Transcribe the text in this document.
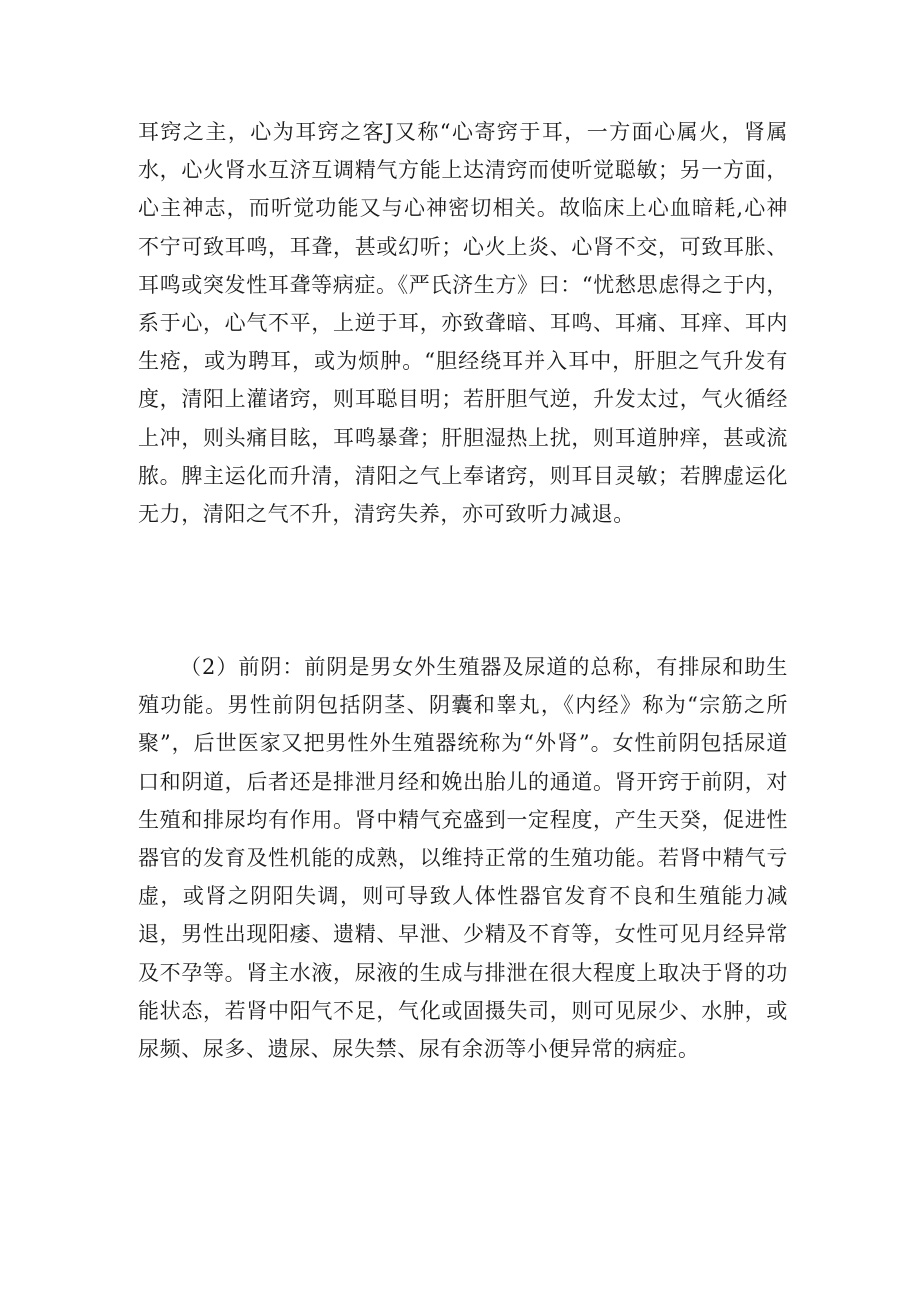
耳窍之主，心为耳窍之客J又称“心寄窍于耳，一方面心属火，肾属水，心火肾水互济互调精气方能上达清窍而使听觉聪敏；另一方面，心主神志，而听觉功能又与心神密切相关。故临床上心血暗耗,心神不宁可致耳鸣，耳聋，甚或幻听；心火上炎、心肾不交，可致耳胀、耳鸣或突发性耳聋等病症。《严氏济生方》曰：“忧愁思虑得之于内，系于心，心气不平，上逆于耳，亦致聋暗、耳鸣、耳痛、耳痒、耳内生疮，或为聘耳，或为烦肿。“胆经绕耳并入耳中，肝胆之气升发有度，清阳上灌诸窍，则耳聪目明；若肝胆气逆，升发太过，气火循经上冲，则头痛目眩，耳鸣暴聋；肝胆湿热上扰，则耳道肿痒，甚或流脓。脾主运化而升清，清阳之气上奉诸窍，则耳目灵敏；若脾虚运化无力，清阳之气不升，清窍失养，亦可致听力减退。

（2）前阴：前阴是男女外生殖器及尿道的总称，有排尿和助生殖功能。男性前阴包括阴茎、阴囊和睾丸，《内经》称为“宗筋之所聚”，后世医家又把男性外生殖器统称为“外肾”。女性前阴包括尿道口和阴道，后者还是排泄月经和娩出胎儿的通道。肾开窍于前阴，对生殖和排尿均有作用。肾中精气充盛到一定程度，产生天癸，促进性器官的发育及性机能的成熟，以维持正常的生殖功能。若肾中精气亏虚，或肾之阴阳失调，则可导致人体性器官发育不良和生殖能力减退，男性出现阳痿、遗精、早泄、少精及不育等，女性可见月经异常及不孕等。肾主水液，尿液的生成与排泄在很大程度上取决于肾的功能状态，若肾中阳气不足，气化或固摄失司，则可见尿少、水肿，或尿频、尿多、遗尿、尿失禁、尿有余沥等小便异常的病症。
